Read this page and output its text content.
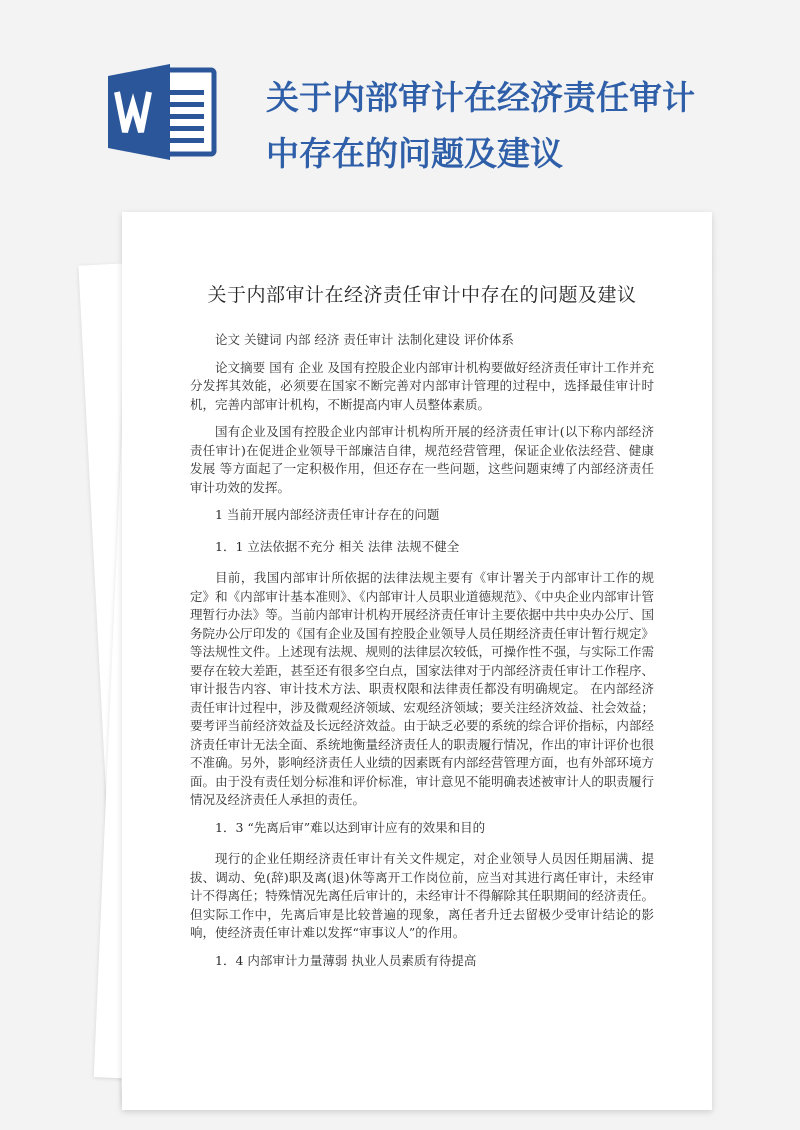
关于内部审计在经济责任审计中存在的问题及建议
关于内部审计在经济责任审计中存在的问题及建议

论文 关键词 内部 经济 责任审计 法制化建设 评价体系

论文摘要 国有 企业 及国有控股企业内部审计机构要做好经济责任审计工作并充分发挥其效能，必须要在国家不断完善对内部审计管理的过程中，选择最佳审计时机，完善内部审计机构，不断提高内审人员整体素质。

国有企业及国有控股企业内部审计机构所开展的经济责任审计(以下称内部经济责任审计)在促进企业领导干部廉洁自律，规范经营管理，保证企业依法经营、健康 发展 等方面起了一定积极作用，但还存在一些问题，这些问题束缚了内部经济责任审计功效的发挥。

1 当前开展内部经济责任审计存在的问题

1．1 立法依据不充分 相关 法律 法规不健全

目前，我国内部审计所依据的法律法规主要有《审计署关于内部审计工作的规定》和《内部审计基本准则》、《内部审计人员职业道德规范》、《中央企业内部审计管理暂行办法》等。当前内部审计机构开展经济责任审计主要依据中共中央办公厅、国务院办公厅印发的《国有企业及国有控股企业领导人员任期经济责任审计暂行规定》等法规性文件。上述现有法规、规则的法律层次较低，可操作性不强，与实际工作需要存在较大差距，甚至还有很多空白点，国家法律对于内部经济责任审计工作程序、审计报告内容、审计技术方法、职责权限和法律责任都没有明确规定。 在内部经济责任审计过程中，涉及微观经济领域、宏观经济领域；要关注经济效益、社会效益；要考评当前经济效益及长远经济效益。由于缺乏必要的系统的综合评价指标，内部经济责任审计无法全面、系统地衡量经济责任人的职责履行情况，作出的审计评价也很不准确。另外，影响经济责任人业绩的因素既有内部经营管理方面，也有外部环境方面。由于没有责任划分标准和评价标准，审计意见不能明确表述被审计人的职责履行情况及经济责任人承担的责任。

1．3 “先离后审”难以达到审计应有的效果和目的

现行的企业任期经济责任审计有关文件规定，对企业领导人员因任期届满、提拔、调动、免(辞)职及离(退)休等离开工作岗位前，应当对其进行离任审计，未经审计不得离任；特殊情况先离任后审计的，未经审计不得解除其任职期间的经济责任。但实际工作中，先离后审是比较普遍的现象，离任者升迁去留极少受审计结论的影响，使经济责任审计难以发挥“审事议人”的作用。

1．4 内部审计力量薄弱 执业人员素质有待提高
